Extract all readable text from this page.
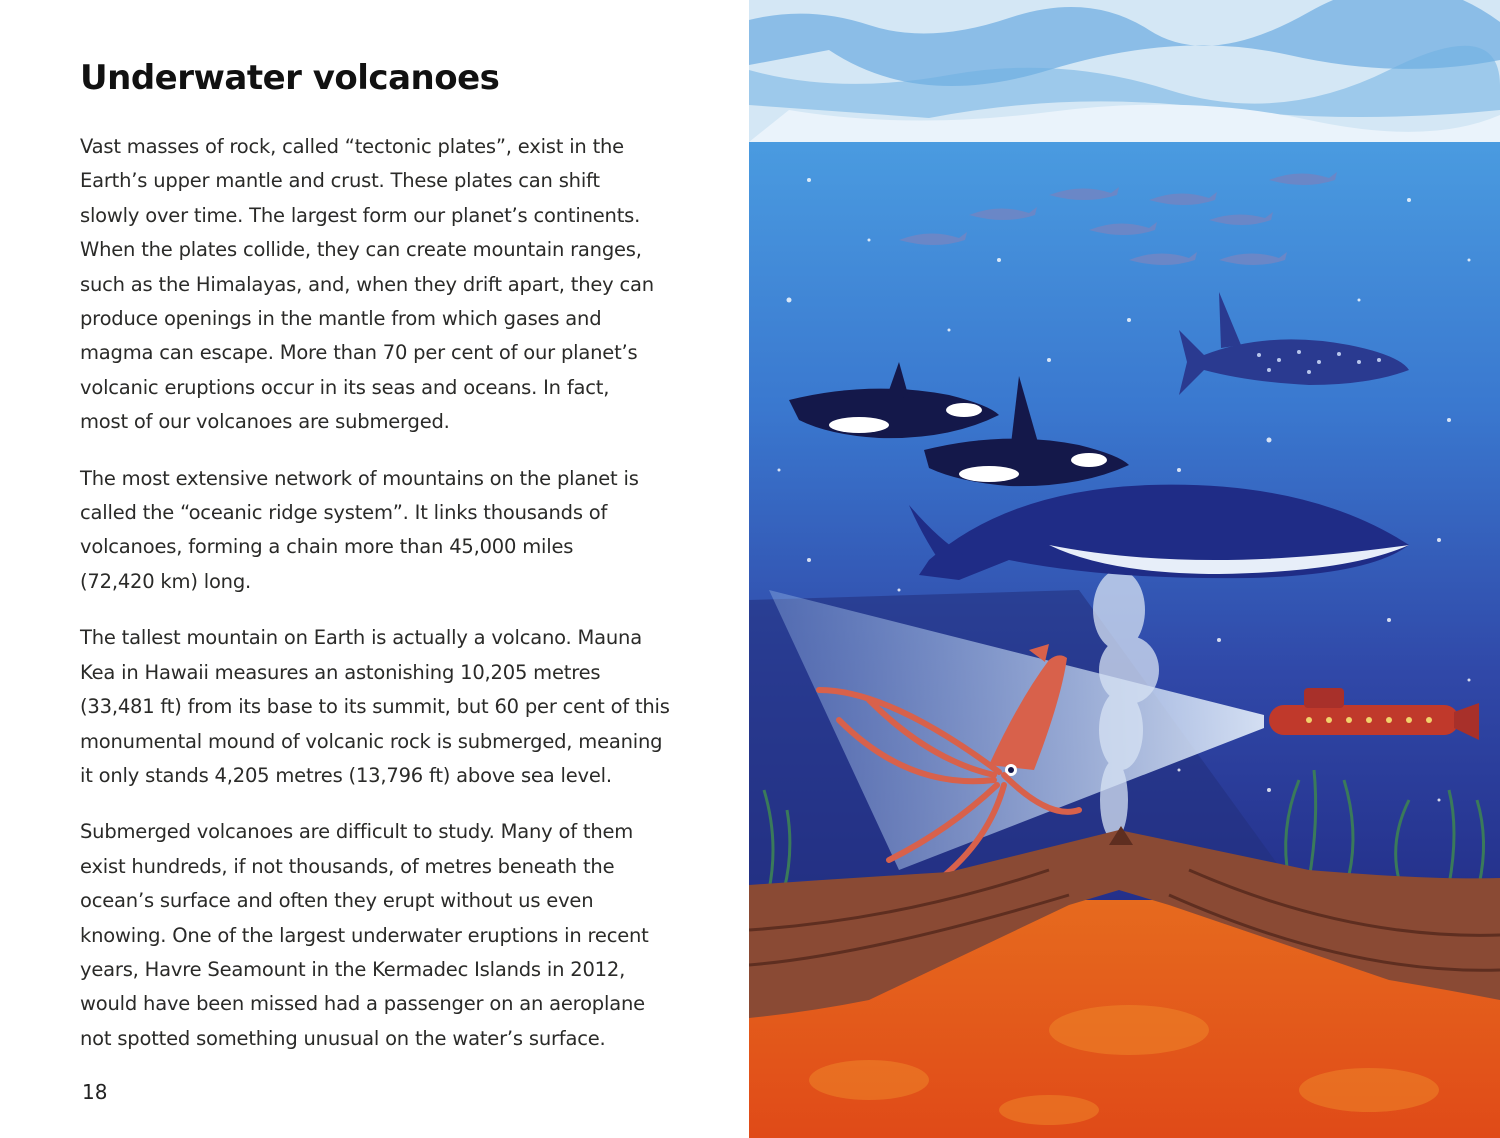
Underwater volcanoes

Vast masses of rock, called “tectonic plates”, exist in the
Earth’s upper mantle and crust. These plates can shift
slowly over time. The largest form our planet’s continents.
When the plates collide, they can create mountain ranges,
such as the Himalayas, and, when they drift apart, they can
produce openings in the mantle from which gases and
magma can escape. More than 70 per cent of our planet’s
volcanic eruptions occur in its seas and oceans. In fact,
most of our volcanoes are submerged.

The most extensive network of mountains on the planet is
called the “oceanic ridge system”. It links thousands of
volcanoes, forming a chain more than 45,000 miles
(72,420 km) long.

The tallest mountain on Earth is actually a volcano. Mauna
Kea in Hawaii measures an astonishing 10,205 metres
(33,481 ft) from its base to its summit, but 60 per cent of this
monumental mound of volcanic rock is submerged, meaning
it only stands 4,205 metres (13,796 ft) above sea level.

Submerged volcanoes are difficult to study. Many of them
exist hundreds, if not thousands, of metres beneath the
ocean’s surface and often they erupt without us even
knowing. One of the largest underwater eruptions in recent
years, Havre Seamount in the Kermadec Islands in 2012,
would have been missed had a passenger on an aeroplane
not spotted something unusual on the water’s surface.

18
